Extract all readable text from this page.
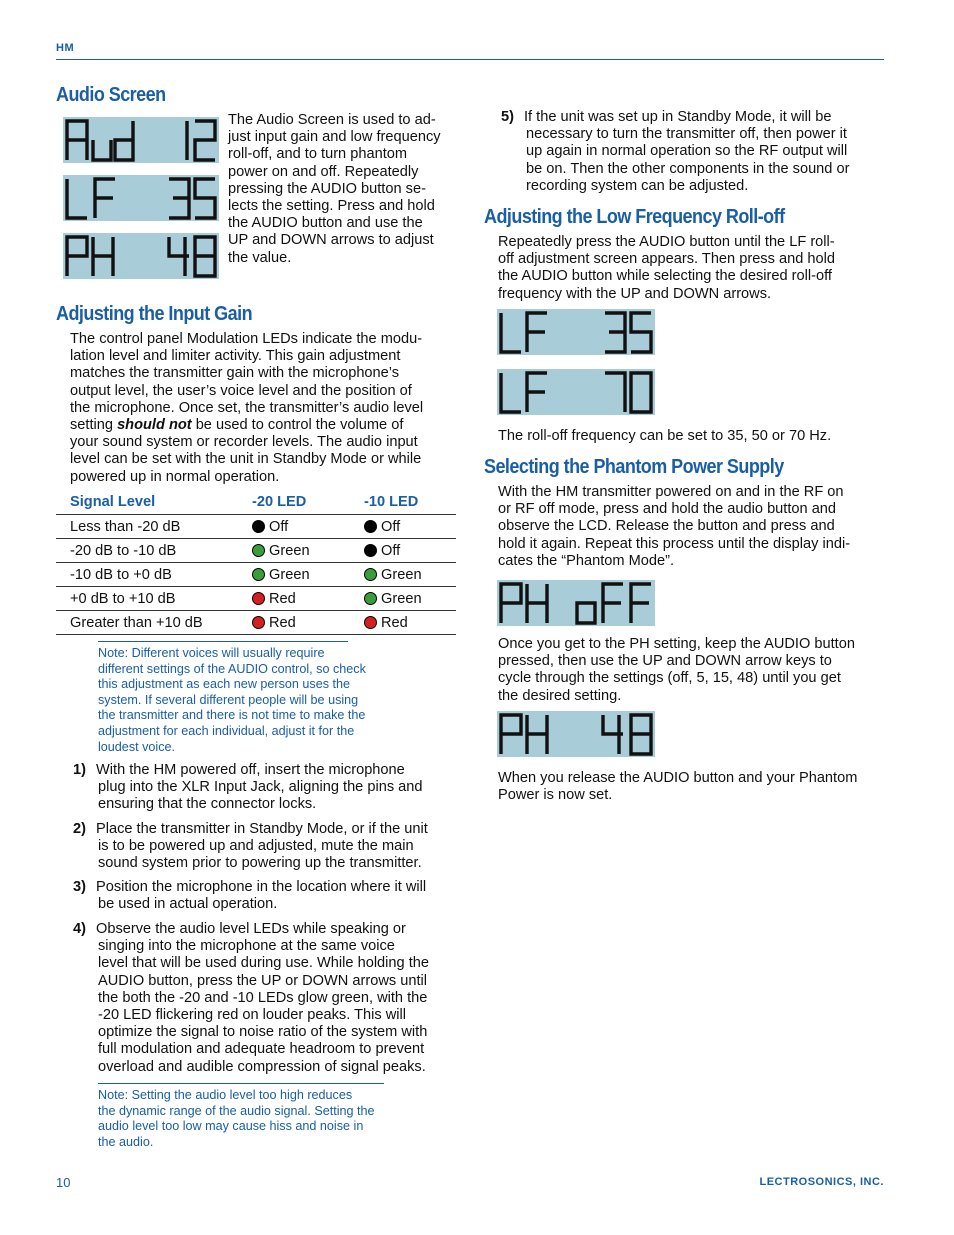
HM
Audio Screen
The Audio Screen is used to ad-
just input gain and low frequency
roll-off, and to turn phantom
power on and off. Repeatedly
pressing the AUDIO button se-
lects the setting. Press and hold
the AUDIO button and use the
UP and DOWN arrows to adjust
the value.
Adjusting the Input Gain
The control panel Modulation LEDs indicate the modu-
lation level and limiter activity. This gain adjustment
matches the transmitter gain with the microphone’s
output level, the user’s voice level and the position of
the microphone. Once set, the transmitter’s audio level
setting should not be used to control the volume of
your sound system or recorder levels. The audio input
level can be set with the unit in Standby Mode or while
powered up in normal operation.
Signal Level	-20 LED	-10 LED
Less than -20 dB	Off	Off
-20 dB to -10 dB	Green	Off
-10 dB to +0 dB	Green	Green
+0 dB to +10 dB	Red	Green
Greater than +10 dB	Red	Red
Note: Different voices will usually require
different settings of the AUDIO control, so check
this adjustment as each new person uses the
system. If several different people will be using
the transmitter and there is not time to make the
adjustment for each individual, adjust it for the
loudest voice.
1) With the HM powered off, insert the microphone
plug into the XLR Input Jack, aligning the pins and
ensuring that the connector locks.
2) Place the transmitter in Standby Mode, or if the unit
is to be powered up and adjusted, mute the main
sound system prior to powering up the transmitter.
3) Position the microphone in the location where it will
be used in actual operation.
4) Observe the audio level LEDs while speaking or
singing into the microphone at the same voice
level that will be used during use. While holding the
AUDIO button, press the UP or DOWN arrows until
the both the -20 and -10 LEDs glow green, with the
-20 LED flickering red on louder peaks. This will
optimize the signal to noise ratio of the system with
full modulation and adequate headroom to prevent
overload and audible compression of signal peaks.
Note: Setting the audio level too high reduces
the dynamic range of the audio signal. Setting the
audio level too low may cause hiss and noise in
the audio.
5) If the unit was set up in Standby Mode, it will be
necessary to turn the transmitter off, then power it
up again in normal operation so the RF output will
be on. Then the other components in the sound or
recording system can be adjusted.
Adjusting the Low Frequency Roll-off
Repeatedly press the AUDIO button until the LF roll-
off adjustment screen appears. Then press and hold
the AUDIO button while selecting the desired roll-off
frequency with the UP and DOWN arrows.
The roll-off frequency can be set to 35, 50 or 70 Hz.
Selecting the Phantom Power Supply
With the HM transmitter powered on and in the RF on
or RF off mode, press and hold the audio button and
observe the LCD. Release the button and press and
hold it again. Repeat this process until the display indi-
cates the “Phantom Mode”.
Once you get to the PH setting, keep the AUDIO button
pressed, then use the UP and DOWN arrow keys to
cycle through the settings (off, 5, 15, 48) until you get
the desired setting.
When you release the AUDIO button and your Phantom
Power is now set.
10	LECTROSONICS, INC.
